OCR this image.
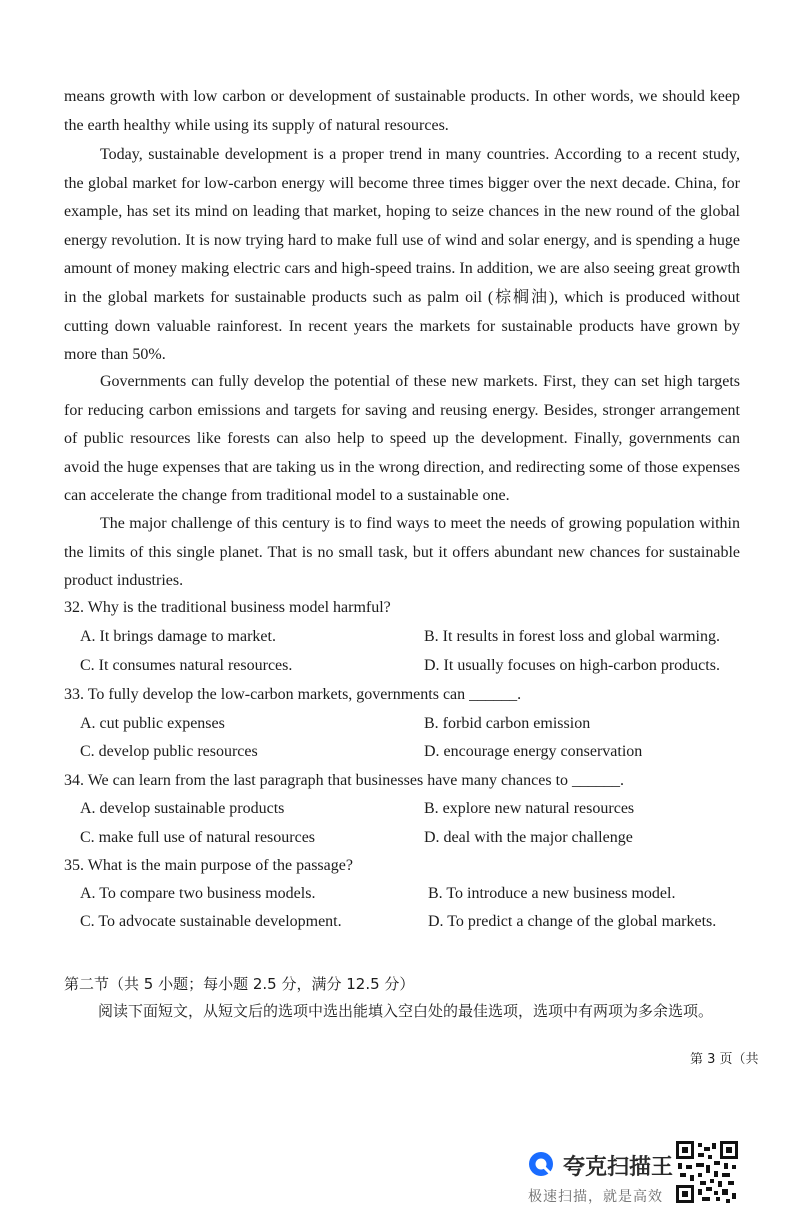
means growth with low carbon or development of sustainable products. In other words, we should keep the earth healthy while using its supply of natural resources.

Today, sustainable development is a proper trend in many countries. According to a recent study, the global market for low-carbon energy will become three times bigger over the next decade. China, for example, has set its mind on leading that market, hoping to seize chances in the new round of the global energy revolution. It is now trying hard to make full use of wind and solar energy, and is spending a huge amount of money making electric cars and high-speed trains. In addition, we are also seeing great growth in the global markets for sustainable products such as palm oil (棕榈油), which is produced without cutting down valuable rainforest. In recent years the markets for sustainable products have grown by more than 50%.

Governments can fully develop the potential of these new markets. First, they can set high targets for reducing carbon emissions and targets for saving and reusing energy. Besides, stronger arrangement of public resources like forests can also help to speed up the development. Finally, governments can avoid the huge expenses that are taking us in the wrong direction, and redirecting some of those expenses can accelerate the change from traditional model to a sustainable one.

The major challenge of this century is to find ways to meet the needs of growing population within the limits of this single planet. That is no small task, but it offers abundant new chances for sustainable product industries.

32. Why is the traditional business model harmful?
A. It brings damage to market.	B. It results in forest loss and global warming.
C. It consumes natural resources.	D. It usually focuses on high-carbon products.
33. To fully develop the low-carbon markets, governments can ______.
A. cut public expenses	B. forbid carbon emission
C. develop public resources	D. encourage energy conservation
34. We can learn from the last paragraph that businesses have many chances to ______.
A. develop sustainable products	B. explore new natural resources
C. make full use of natural resources	D. deal with the major challenge
35. What is the main purpose of the passage?
A. To compare two business models.	B. To introduce a new business model.
C. To advocate sustainable development.	D. To predict a change of the global markets.
第二节（共 5 小题；每小题 2.5 分，满分 12.5 分）

阅读下面短文，从短文后的选项中选出能填入空白处的最佳选项，选项中有两项为多余选项。

第 3 页（共
夸克扫描王
极速扫描，就是高效
